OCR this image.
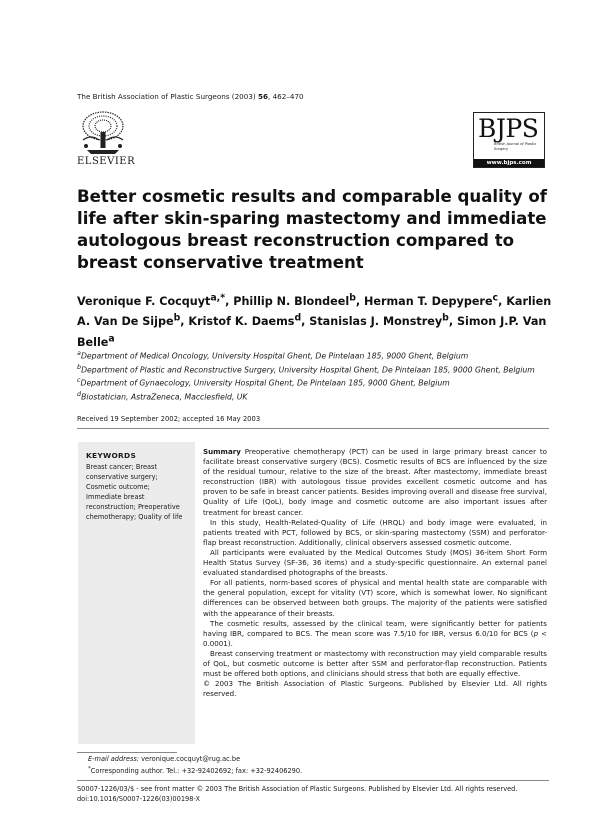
The British Association of Plastic Surgeons (2003) 56, 462–470
ELSEVIER
BJPS
British Journal of Plastic Surgery
www.bjps.com
Better cosmetic results and comparable quality of life after skin-sparing mastectomy and immediate autologous breast reconstruction compared to breast conservative treatment
Veronique F. Cocquyt$^{a,*}$, Phillip N. Blondeel$^b$, Herman T. Depypere$^c$, Karlien A. Van De Sijpe$^b$, Kristof K. Daems$^d$, Stanislas J. Monstrey$^b$, Simon J.P. Van Belle$^a$
$^a$Department of Medical Oncology, University Hospital Ghent, De Pintelaan 185, 9000 Ghent, Belgium
$^b$Department of Plastic and Reconstructive Surgery, University Hospital Ghent, De Pintelaan 185, 9000 Ghent, Belgium
$^c$Department of Gynaecology, University Hospital Ghent, De Pintelaan 185, 9000 Ghent, Belgium
$^d$Biostatician, AstraZeneca, Macclesfield, UK
Received 19 September 2002; accepted 16 May 2003
KEYWORDS
Breast cancer; Breast conservative surgery; Cosmetic outcome; Immediate breast reconstruction; Preoperative chemotherapy; Quality of life

Summary Preoperative chemotherapy (PCT) can be used in large primary breast cancer to facilitate breast conservative surgery (BCS). Cosmetic results of BCS are influenced by the size of the residual tumour, relative to the size of the breast. After mastectomy, immediate breast reconstruction (IBR) with autologous tissue provides excellent cosmetic outcome and has proven to be safe in breast cancer patients. Besides improving overall and disease free survival, Quality of Life (QoL), body image and cosmetic outcome are also important issues after treatment for breast cancer.

In this study, Health-Related-Quality of Life (HRQL) and body image were evaluated, in patients treated with PCT, followed by BCS, or skin-sparing mastectomy (SSM) and perforator-flap breast reconstruction. Additionally, clinical observers assessed cosmetic outcome.

All participants were evaluated by the Medical Outcomes Study (MOS) 36-item Short Form Health Status Survey (SF-36, 36 items) and a study-specific questionnaire. An external panel evaluated standardised photographs of the breasts.

For all patients, norm-based scores of physical and mental health state are comparable with the general population, except for vitality (VT) score, which is somewhat lower. No significant differences can be observed between both groups. The majority of the patients were satisfied with the appearance of their breasts.

The cosmetic results, assessed by the clinical team, were significantly better for patients having IBR, compared to BCS. The mean score was 7.5/10 for IBR, versus 6.0/10 for BCS (p < 0.0001).

Breast conserving treatment or mastectomy with reconstruction may yield comparable results of QoL, but cosmetic outcome is better after SSM and perforator-flap reconstruction. Patients must be offered both options, and clinicians should stress that both are equally effective.

© 2003 The British Association of Plastic Surgeons. Published by Elsevier Ltd. All rights reserved.

E-mail address: veronique.cocquyt@rug.ac.be
*Corresponding author. Tel.: +32-92402692; fax: +32-92406290.
S0007-1226/03/$ - see front matter © 2003 The British Association of Plastic Surgeons. Published by Elsevier Ltd. All rights reserved.
doi:10.1016/S0007-1226(03)00198-X
